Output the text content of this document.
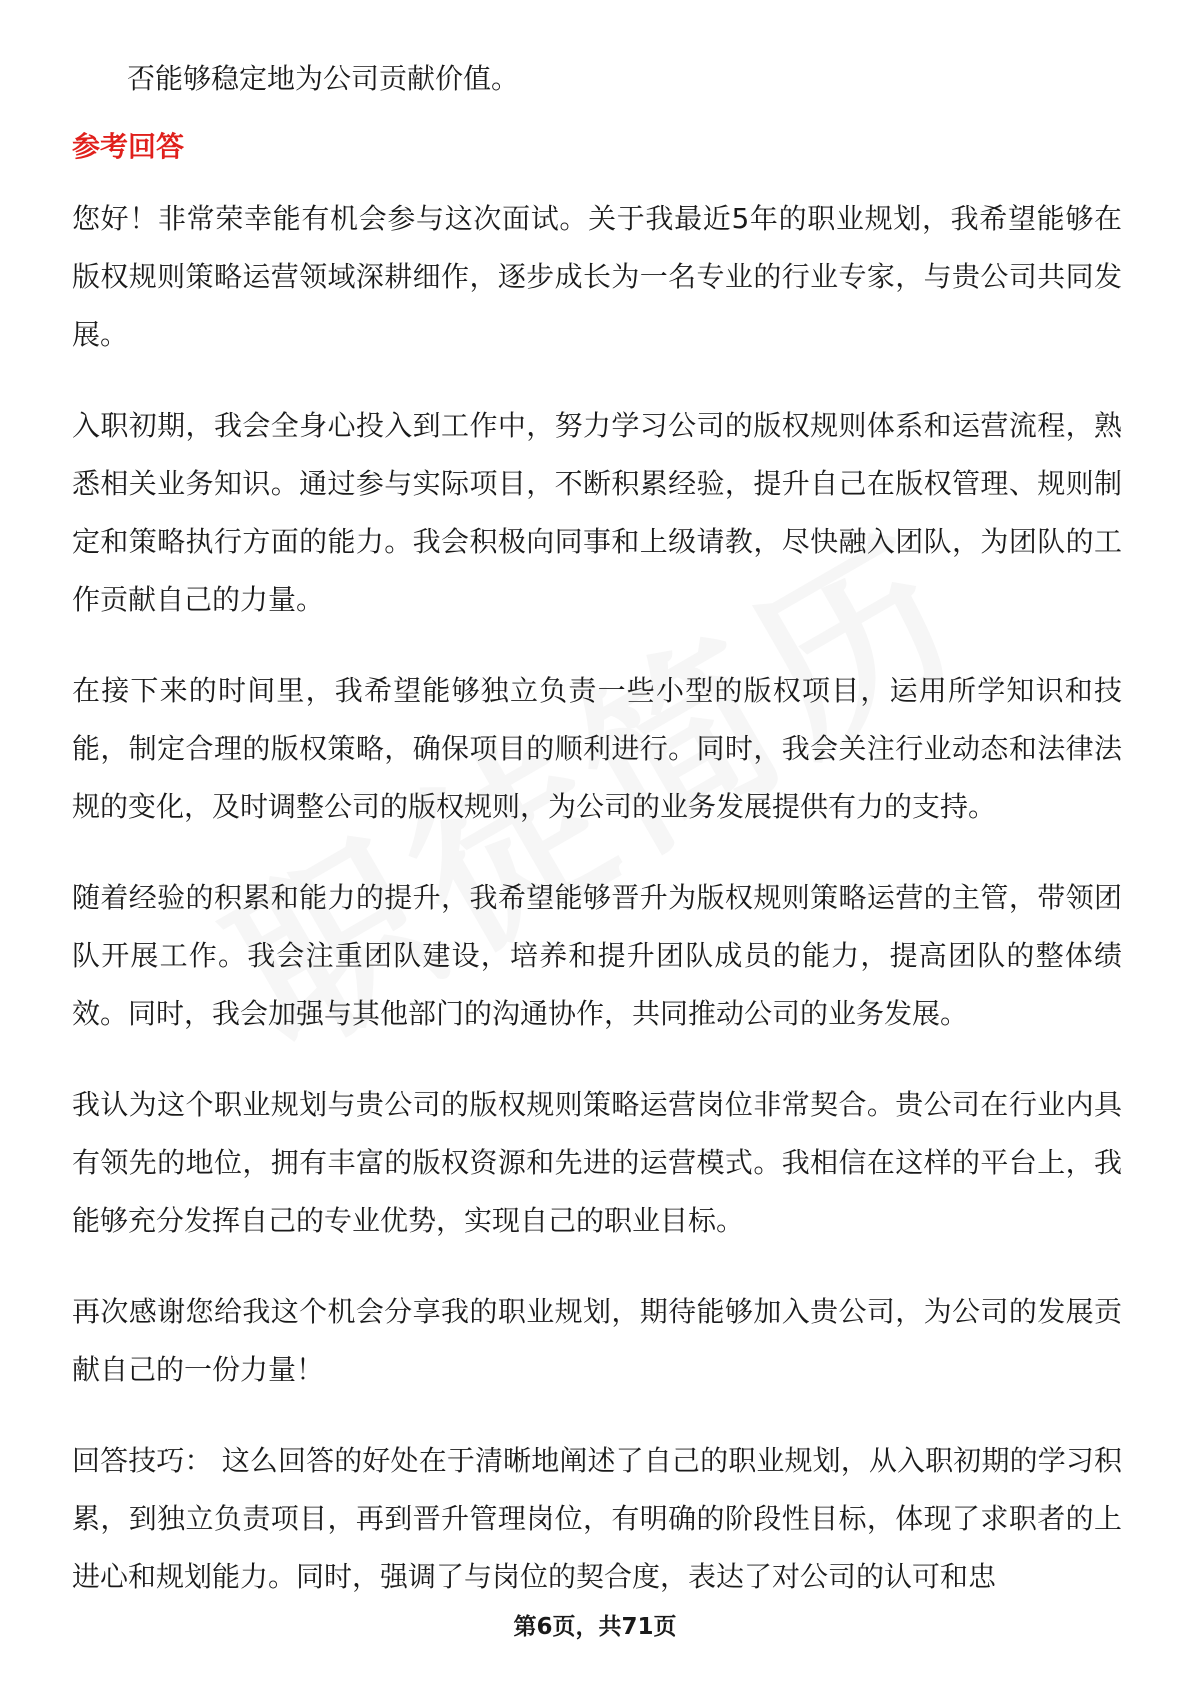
否能够稳定地为公司贡献价值。

参考回答

您好！非常荣幸能有机会参与这次面试。关于我最近5年的职业规划，我希望能够在版权规则策略运营领域深耕细作，逐步成长为一名专业的行业专家，与贵公司共同发展。

入职初期，我会全身心投入到工作中，努力学习公司的版权规则体系和运营流程，熟悉相关业务知识。通过参与实际项目，不断积累经验，提升自己在版权管理、规则制定和策略执行方面的能力。我会积极向同事和上级请教，尽快融入团队，为团队的工作贡献自己的力量。

在接下来的时间里，我希望能够独立负责一些小型的版权项目，运用所学知识和技能，制定合理的版权策略，确保项目的顺利进行。同时，我会关注行业动态和法律法规的变化，及时调整公司的版权规则，为公司的业务发展提供有力的支持。

随着经验的积累和能力的提升，我希望能够晋升为版权规则策略运营的主管，带领团队开展工作。我会注重团队建设，培养和提升团队成员的能力，提高团队的整体绩效。同时，我会加强与其他部门的沟通协作，共同推动公司的业务发展。

我认为这个职业规划与贵公司的版权规则策略运营岗位非常契合。贵公司在行业内具有领先的地位，拥有丰富的版权资源和先进的运营模式。我相信在这样的平台上，我能够充分发挥自己的专业优势，实现自己的职业目标。

再次感谢您给我这个机会分享我的职业规划，期待能够加入贵公司，为公司的发展贡献自己的一份力量！

回答技巧： 这么回答的好处在于清晰地阐述了自己的职业规划，从入职初期的学习积累，到独立负责项目，再到晋升管理岗位，有明确的阶段性目标，体现了求职者的上进心和规划能力。同时，强调了与岗位的契合度，表达了对公司的认可和忠

第6页，共71页
